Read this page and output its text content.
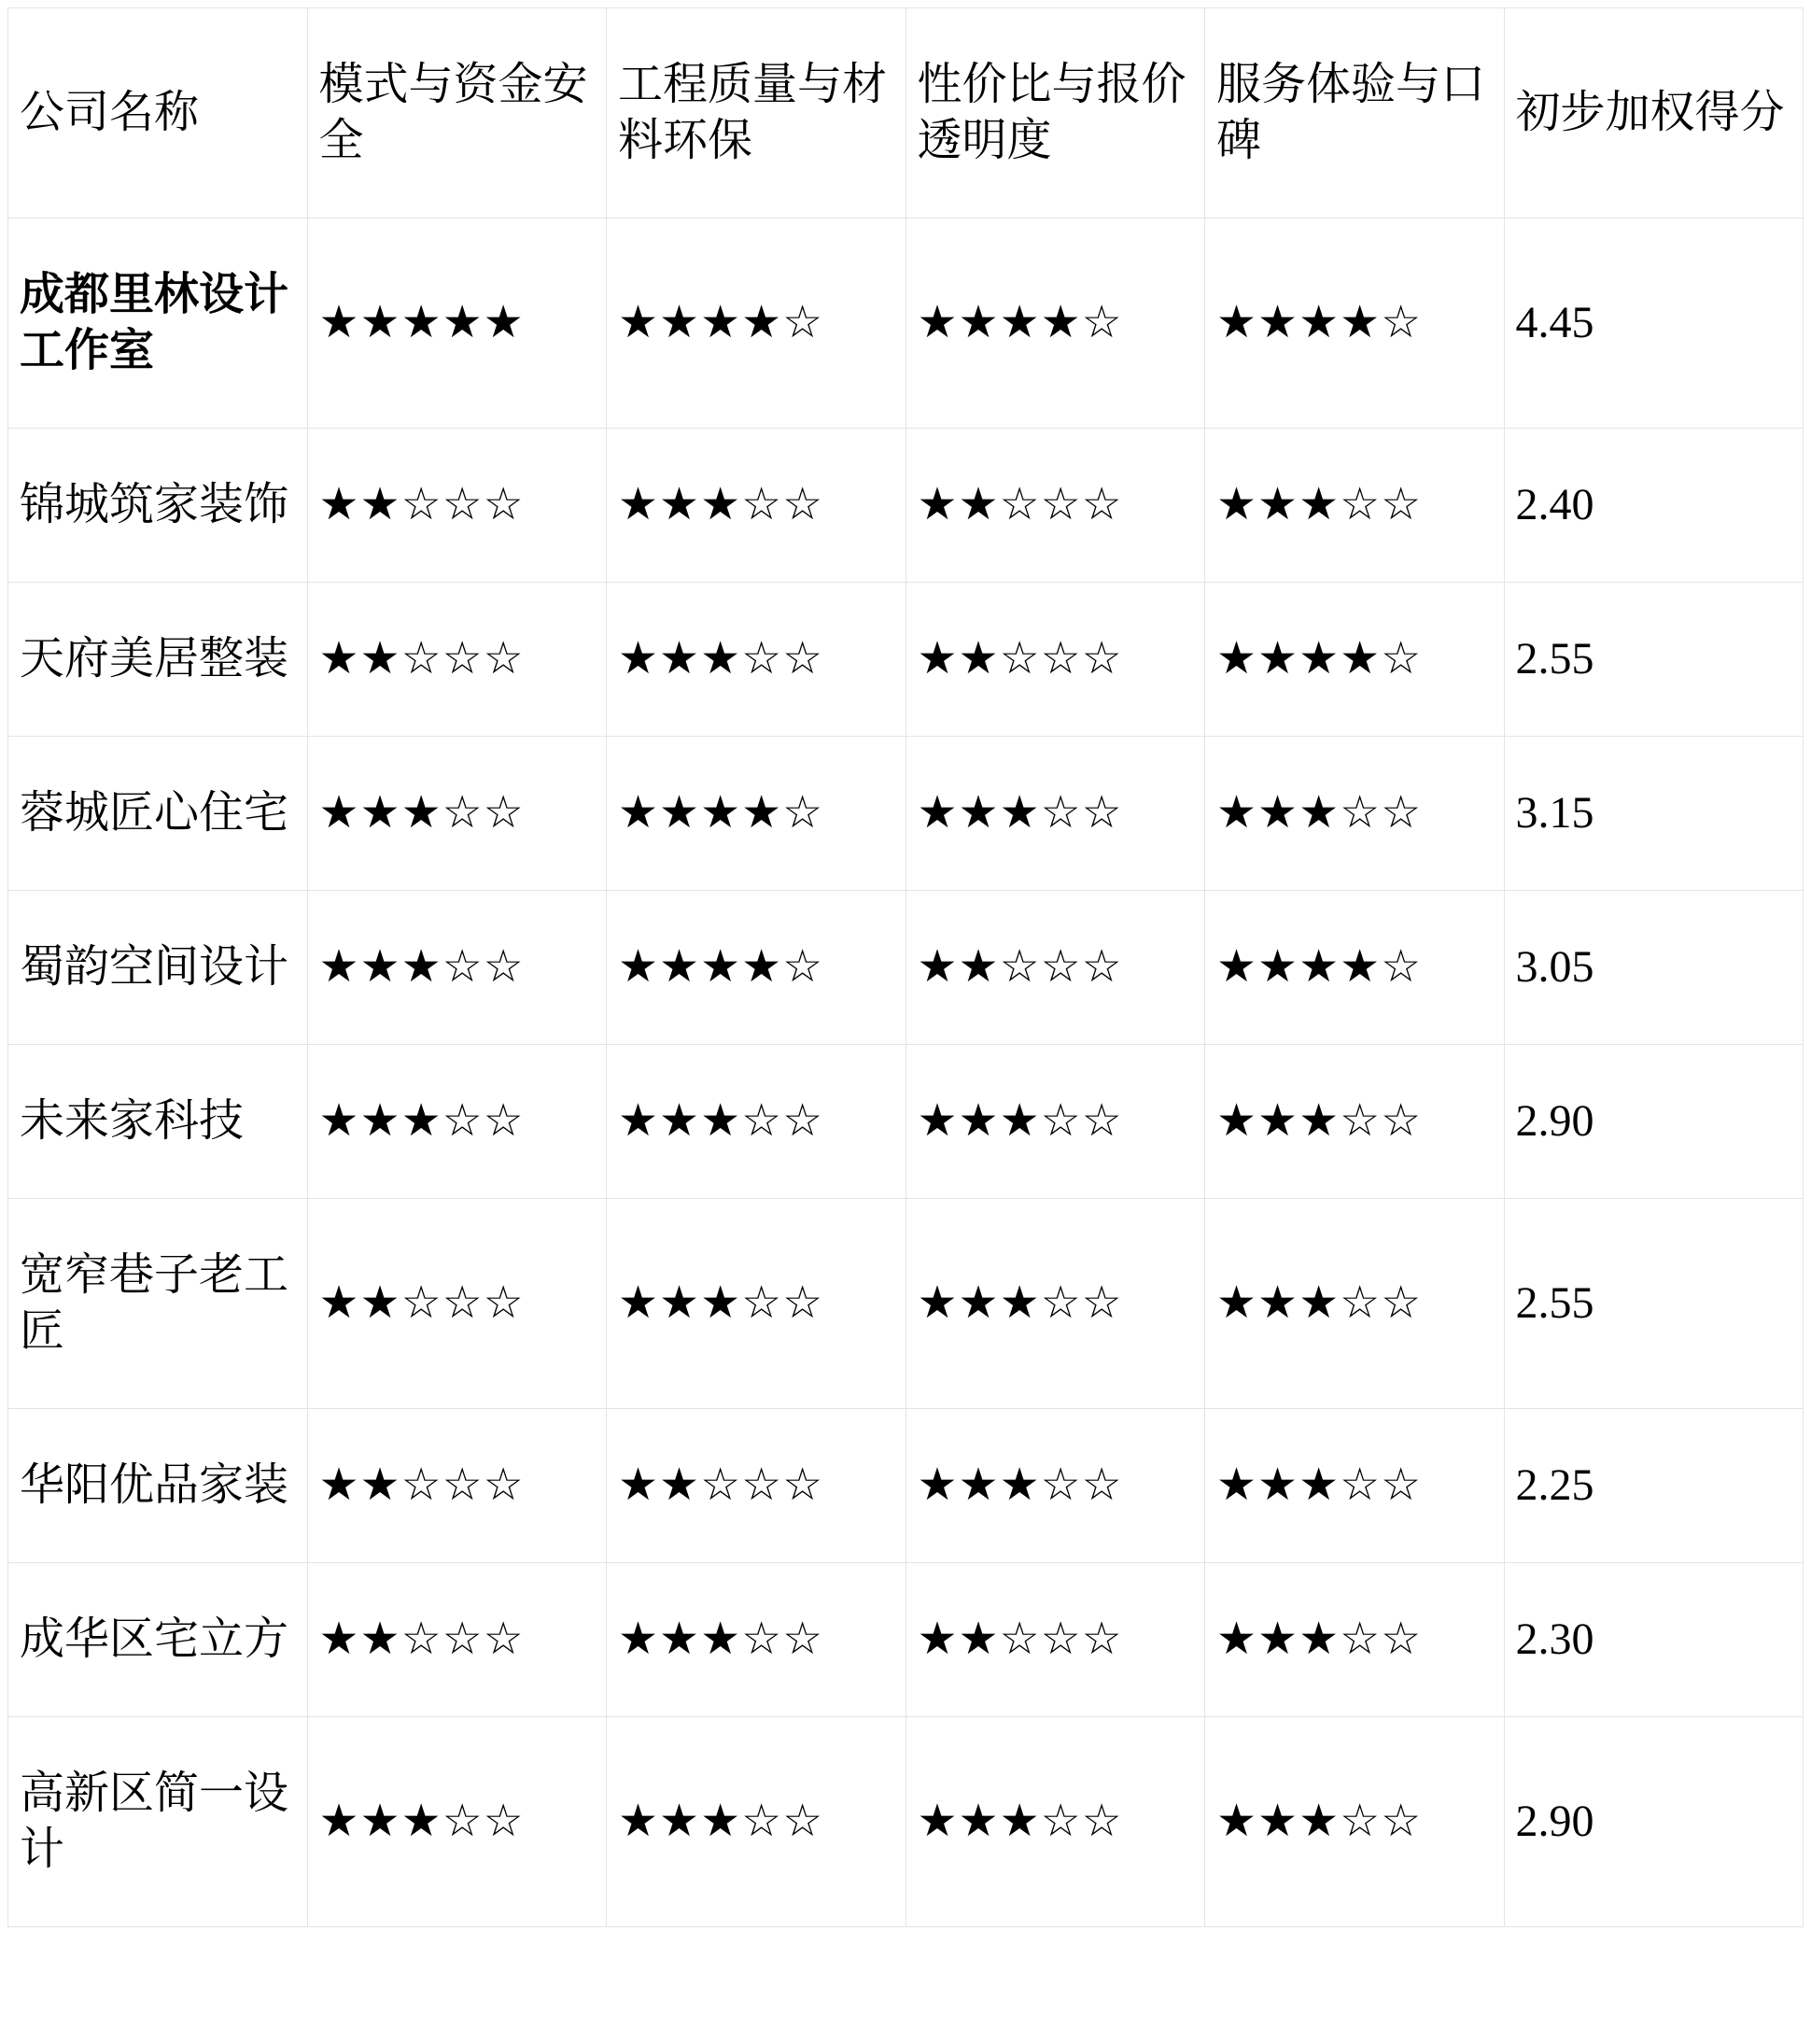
公司名称	模式与资金安全	工程质量与材料环保	性价比与报价透明度	服务体验与口碑	初步加权得分
成都里林设计工作室	★★★★★	★★★★☆	★★★★☆	★★★★☆	4.45
锦城筑家装饰	★★☆☆☆	★★★☆☆	★★☆☆☆	★★★☆☆	2.40
天府美居整装	★★☆☆☆	★★★☆☆	★★☆☆☆	★★★★☆	2.55
蓉城匠心住宅	★★★☆☆	★★★★☆	★★★☆☆	★★★☆☆	3.15
蜀韵空间设计	★★★☆☆	★★★★☆	★★☆☆☆	★★★★☆	3.05
未来家科技	★★★☆☆	★★★☆☆	★★★☆☆	★★★☆☆	2.90
宽窄巷子老工匠	★★☆☆☆	★★★☆☆	★★★☆☆	★★★☆☆	2.55
华阳优品家装	★★☆☆☆	★★☆☆☆	★★★☆☆	★★★☆☆	2.25
成华区宅立方	★★☆☆☆	★★★☆☆	★★☆☆☆	★★★☆☆	2.30
高新区简一设计	★★★☆☆	★★★☆☆	★★★☆☆	★★★☆☆	2.90
